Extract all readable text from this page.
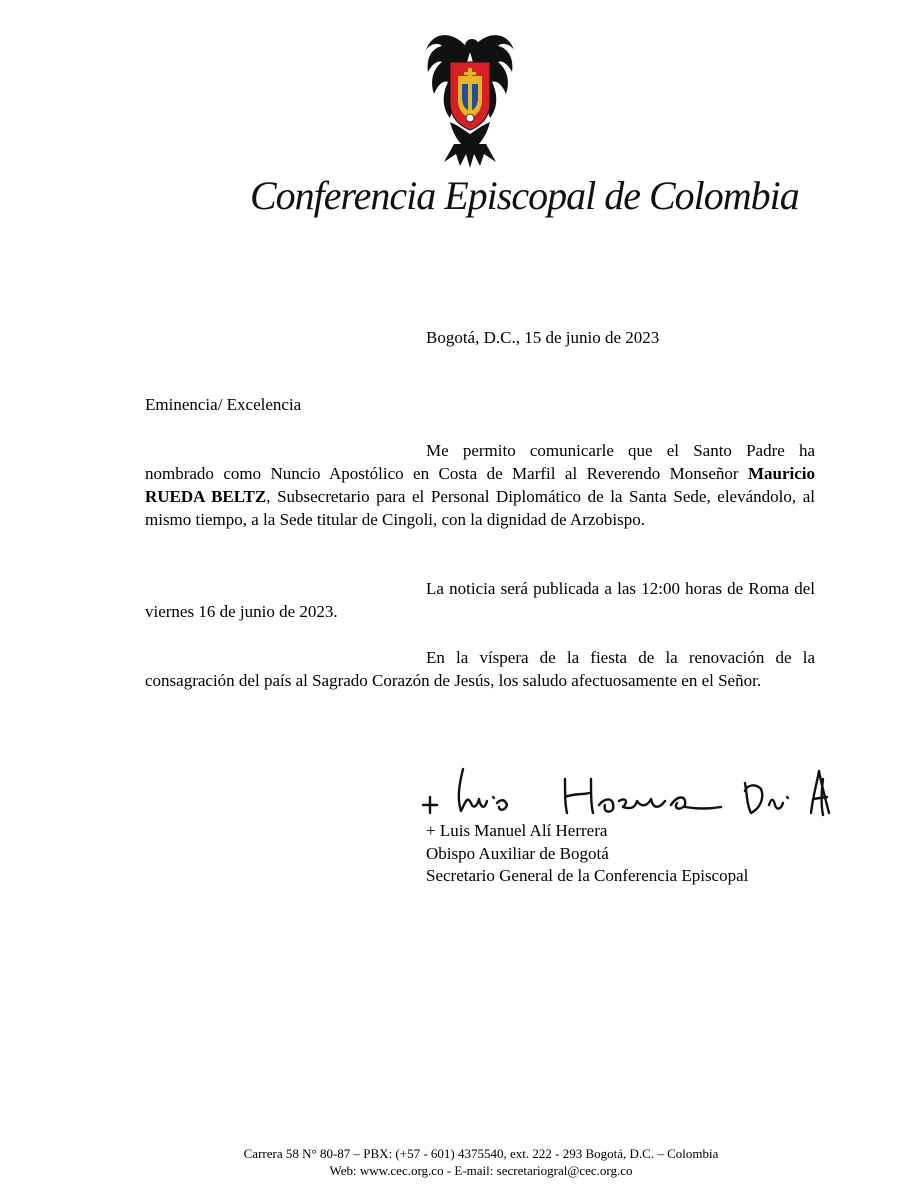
Conferencia Episcopal de Colombia
Bogotá, D.C., 15 de junio de 2023
Eminencia/ Excelencia

Me permito comunicarle que el Santo Padre ha nombrado como Nuncio Apostólico en Costa de Marfil al Reverendo Monseñor Mauricio RUEDA BELTZ, Subsecretario para el Personal Diplomático de la Santa Sede, elevándolo, al mismo tiempo, a la Sede titular de Cingoli, con la dignidad de Arzobispo.

La noticia será publicada a las 12:00 horas de Roma del viernes 16 de junio de 2023.

En la víspera de la fiesta de la renovación de la consagración del país al Sagrado Corazón de Jesús, los saludo afectuosamente en el Señor.

+ Luis Manuel Alí Herrera
Obispo Auxiliar de Bogotá
Secretario General de la Conferencia Episcopal
Carrera 58 N° 80-87 – PBX: (+57 - 601) 4375540, ext. 222 - 293 Bogotá, D.C. – Colombia
Web: www.cec.org.co - E-mail: secretariogral@cec.org.co
